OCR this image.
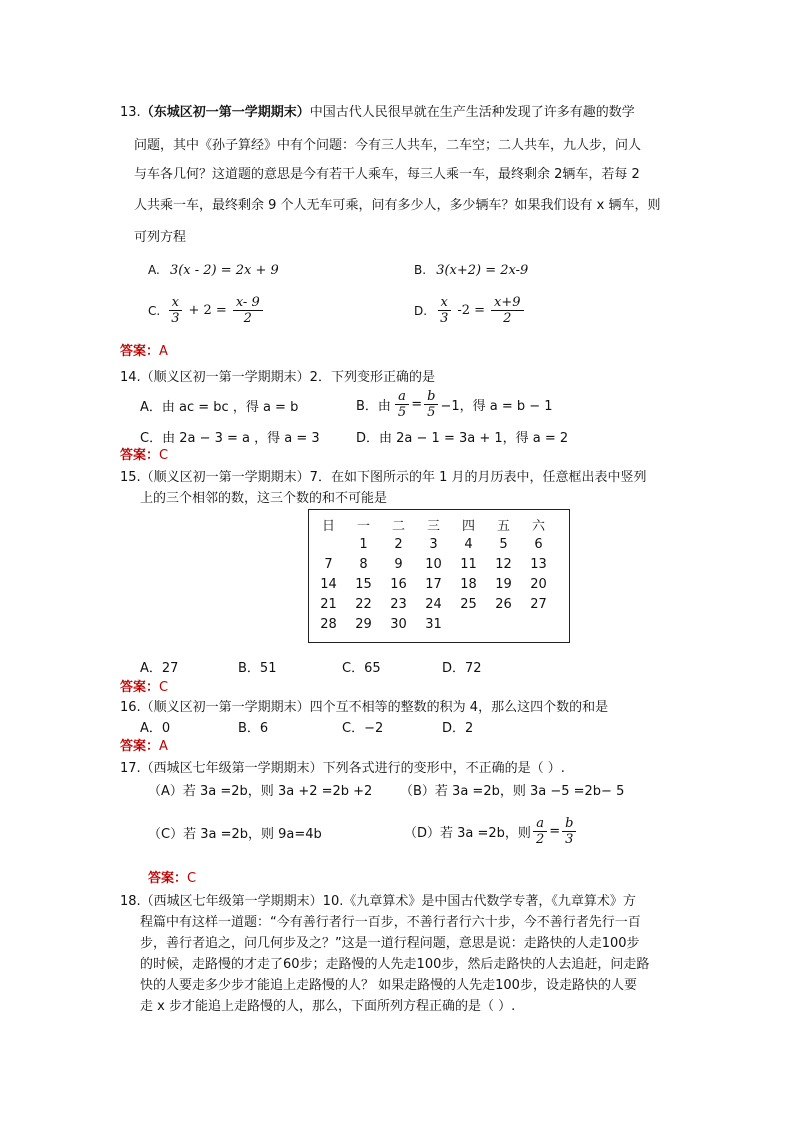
13.（东城区初一第一学期期末）中国古代人民很早就在生产生活种发现了许多有趣的数学
问题，其中《孙子算经》中有个问题：今有三人共车，二车空；二人共车，九人步，问人
与车各几何？这道题的意思是今有若干人乘车，每三人乘一车，最终剩余 2辆车，若每 2
人共乘一车，最终剩余 9 个人无车可乘，问有多少人，多少辆车？如果我们设有 x 辆车，则
可列方程
A. 3(x - 2) = 2x + 9	B. 3(x+2) = 2x-9
C. $\frac{x}{3} + 2 = \frac{x- 9}{2}$	D. $\frac{x}{3} -2 = \frac{x+9}{2}$
答案：A
14.（顺义区初一第一学期期末）2．下列变形正确的是
A．由 ac = bc ，得 a = b	B．由 $\frac{a}{5} = \frac{b}{5} -1$，得 a = b − 1
C．由 2a − 3 = a ，得 a = 3	D．由 2a − 1 = 3a + 1，得 a = 2
答案：C
15.（顺义区初一第一学期期末）7．在如下图所示的年 1 月的月历表中，任意框出表中竖列
上的三个相邻的数，这三个数的和不可能是
日	一	二	三	四	五	六
	1	2	3	4	5	6
7	8	9	10	11	12	13
14	15	16	17	18	19	20
21	22	23	24	25	26	27
28	29	30	31			
A．27	B．51	C．65	D．72
答案：C
16.（顺义区初一第一学期期末）四个互不相等的整数的积为 4，那么这四个数的和是
A．0	B．6	C．−2	D．2
答案：A
17.（西城区七年级第一学期期末）下列各式进行的变形中，不正确的是（ ）.
（A）若 3a =2b，则 3a +2 =2b +2 （B）若 3a =2b，则 3a −5 =2b− 5
（C）若 3a =2b，则 9a=4b	（D）若 3a =2b，则 $\frac{a}{2} = \frac{b}{3}$
答案：C
18.（西城区七年级第一学期期末）10.《九章算术》是中国古代数学专著，《九章算术》方
程篇中有这样一道题：“今有善行者行一百步，不善行者行六十步，今不善行者先行一百
步，善行者追之，问几何步及之？”这是一道行程问题，意思是说：走路快的人走100步
的时候，走路慢的才走了60步；走路慢的人先走100步，然后走路快的人去追赶，问走路
快的人要走多少步才能追上走路慢的人？ 如果走路慢的人先走100步，设走路快的人要
走 x 步才能追上走路慢的人，那么，下面所列方程正确的是（ ）.
